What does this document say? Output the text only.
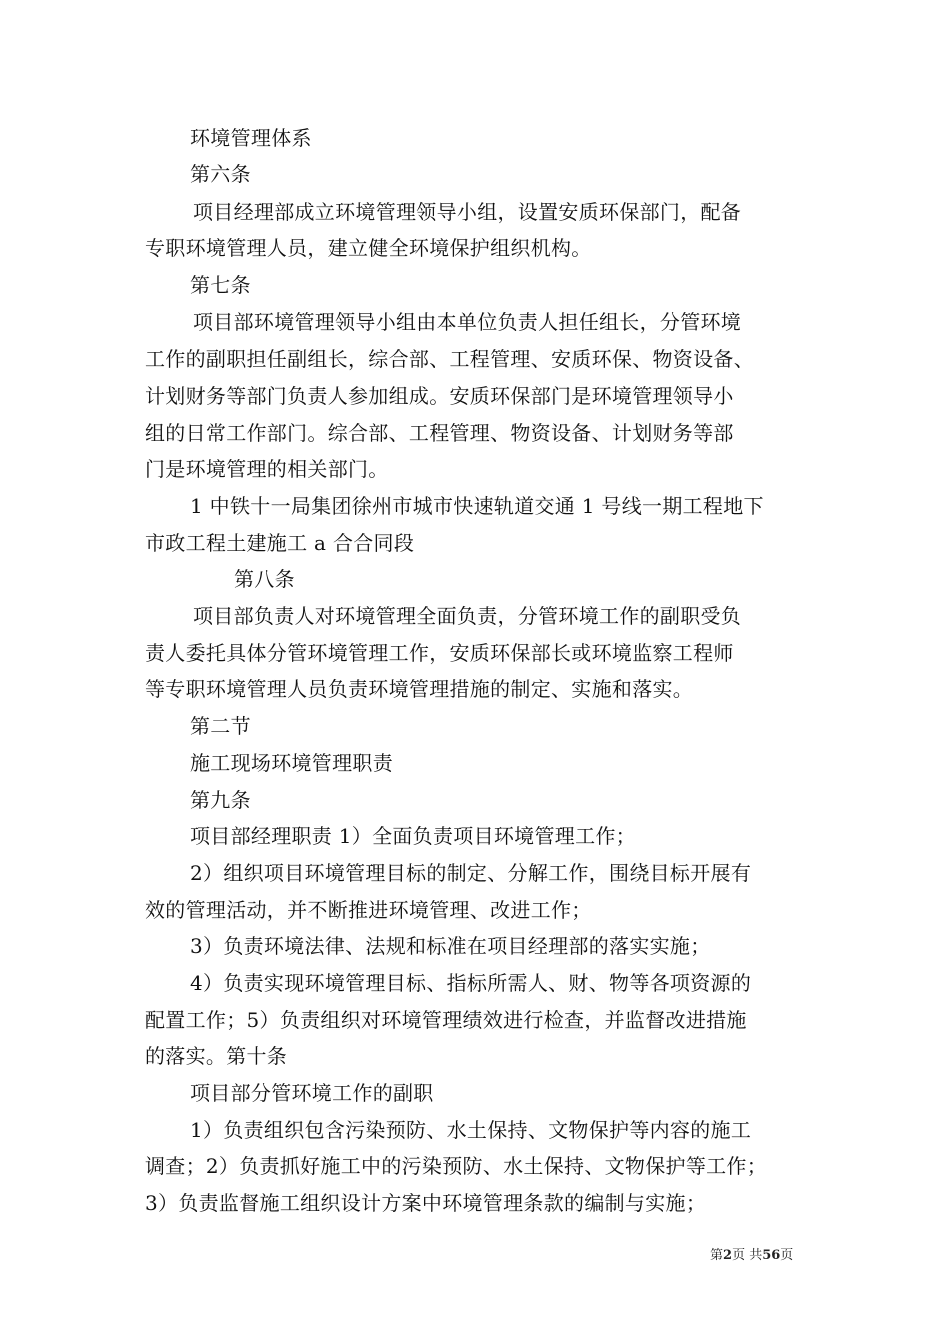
环境管理体系
第六条
项目经理部成立环境管理领导小组，设置安质环保部门，配备
专职环境管理人员，建立健全环境保护组织机构。
第七条
项目部环境管理领导小组由本单位负责人担任组长，分管环境
工作的副职担任副组长，综合部、工程管理、安质环保、物资设备、
计划财务等部门负责人参加组成。安质环保部门是环境管理领导小
组的日常工作部门。综合部、工程管理、物资设备、计划财务等部
门是环境管理的相关部门。
1 中铁十一局集团徐州市城市快速轨道交通 1 号线一期工程地下
市政工程土建施工 a 合合同段
第八条
项目部负责人对环境管理全面负责，分管环境工作的副职受负
责人委托具体分管环境管理工作，安质环保部长或环境监察工程师
等专职环境管理人员负责环境管理措施的制定、实施和落实。
第二节
施工现场环境管理职责
第九条
项目部经理职责 1）全面负责项目环境管理工作；
2）组织项目环境管理目标的制定、分解工作，围绕目标开展有
效的管理活动，并不断推进环境管理、改进工作；
3）负责环境法律、法规和标准在项目经理部的落实实施；
4）负责实现环境管理目标、指标所需人、财、物等各项资源的
配置工作；5）负责组织对环境管理绩效进行检查，并监督改进措施
的落实。第十条
项目部分管环境工作的副职
1）负责组织包含污染预防、水土保持、文物保护等内容的施工
调查；2）负责抓好施工中的污染预防、水土保持、文物保护等工作；
3）负责监督施工组织设计方案中环境管理条款的编制与实施；
第2页 共56页
